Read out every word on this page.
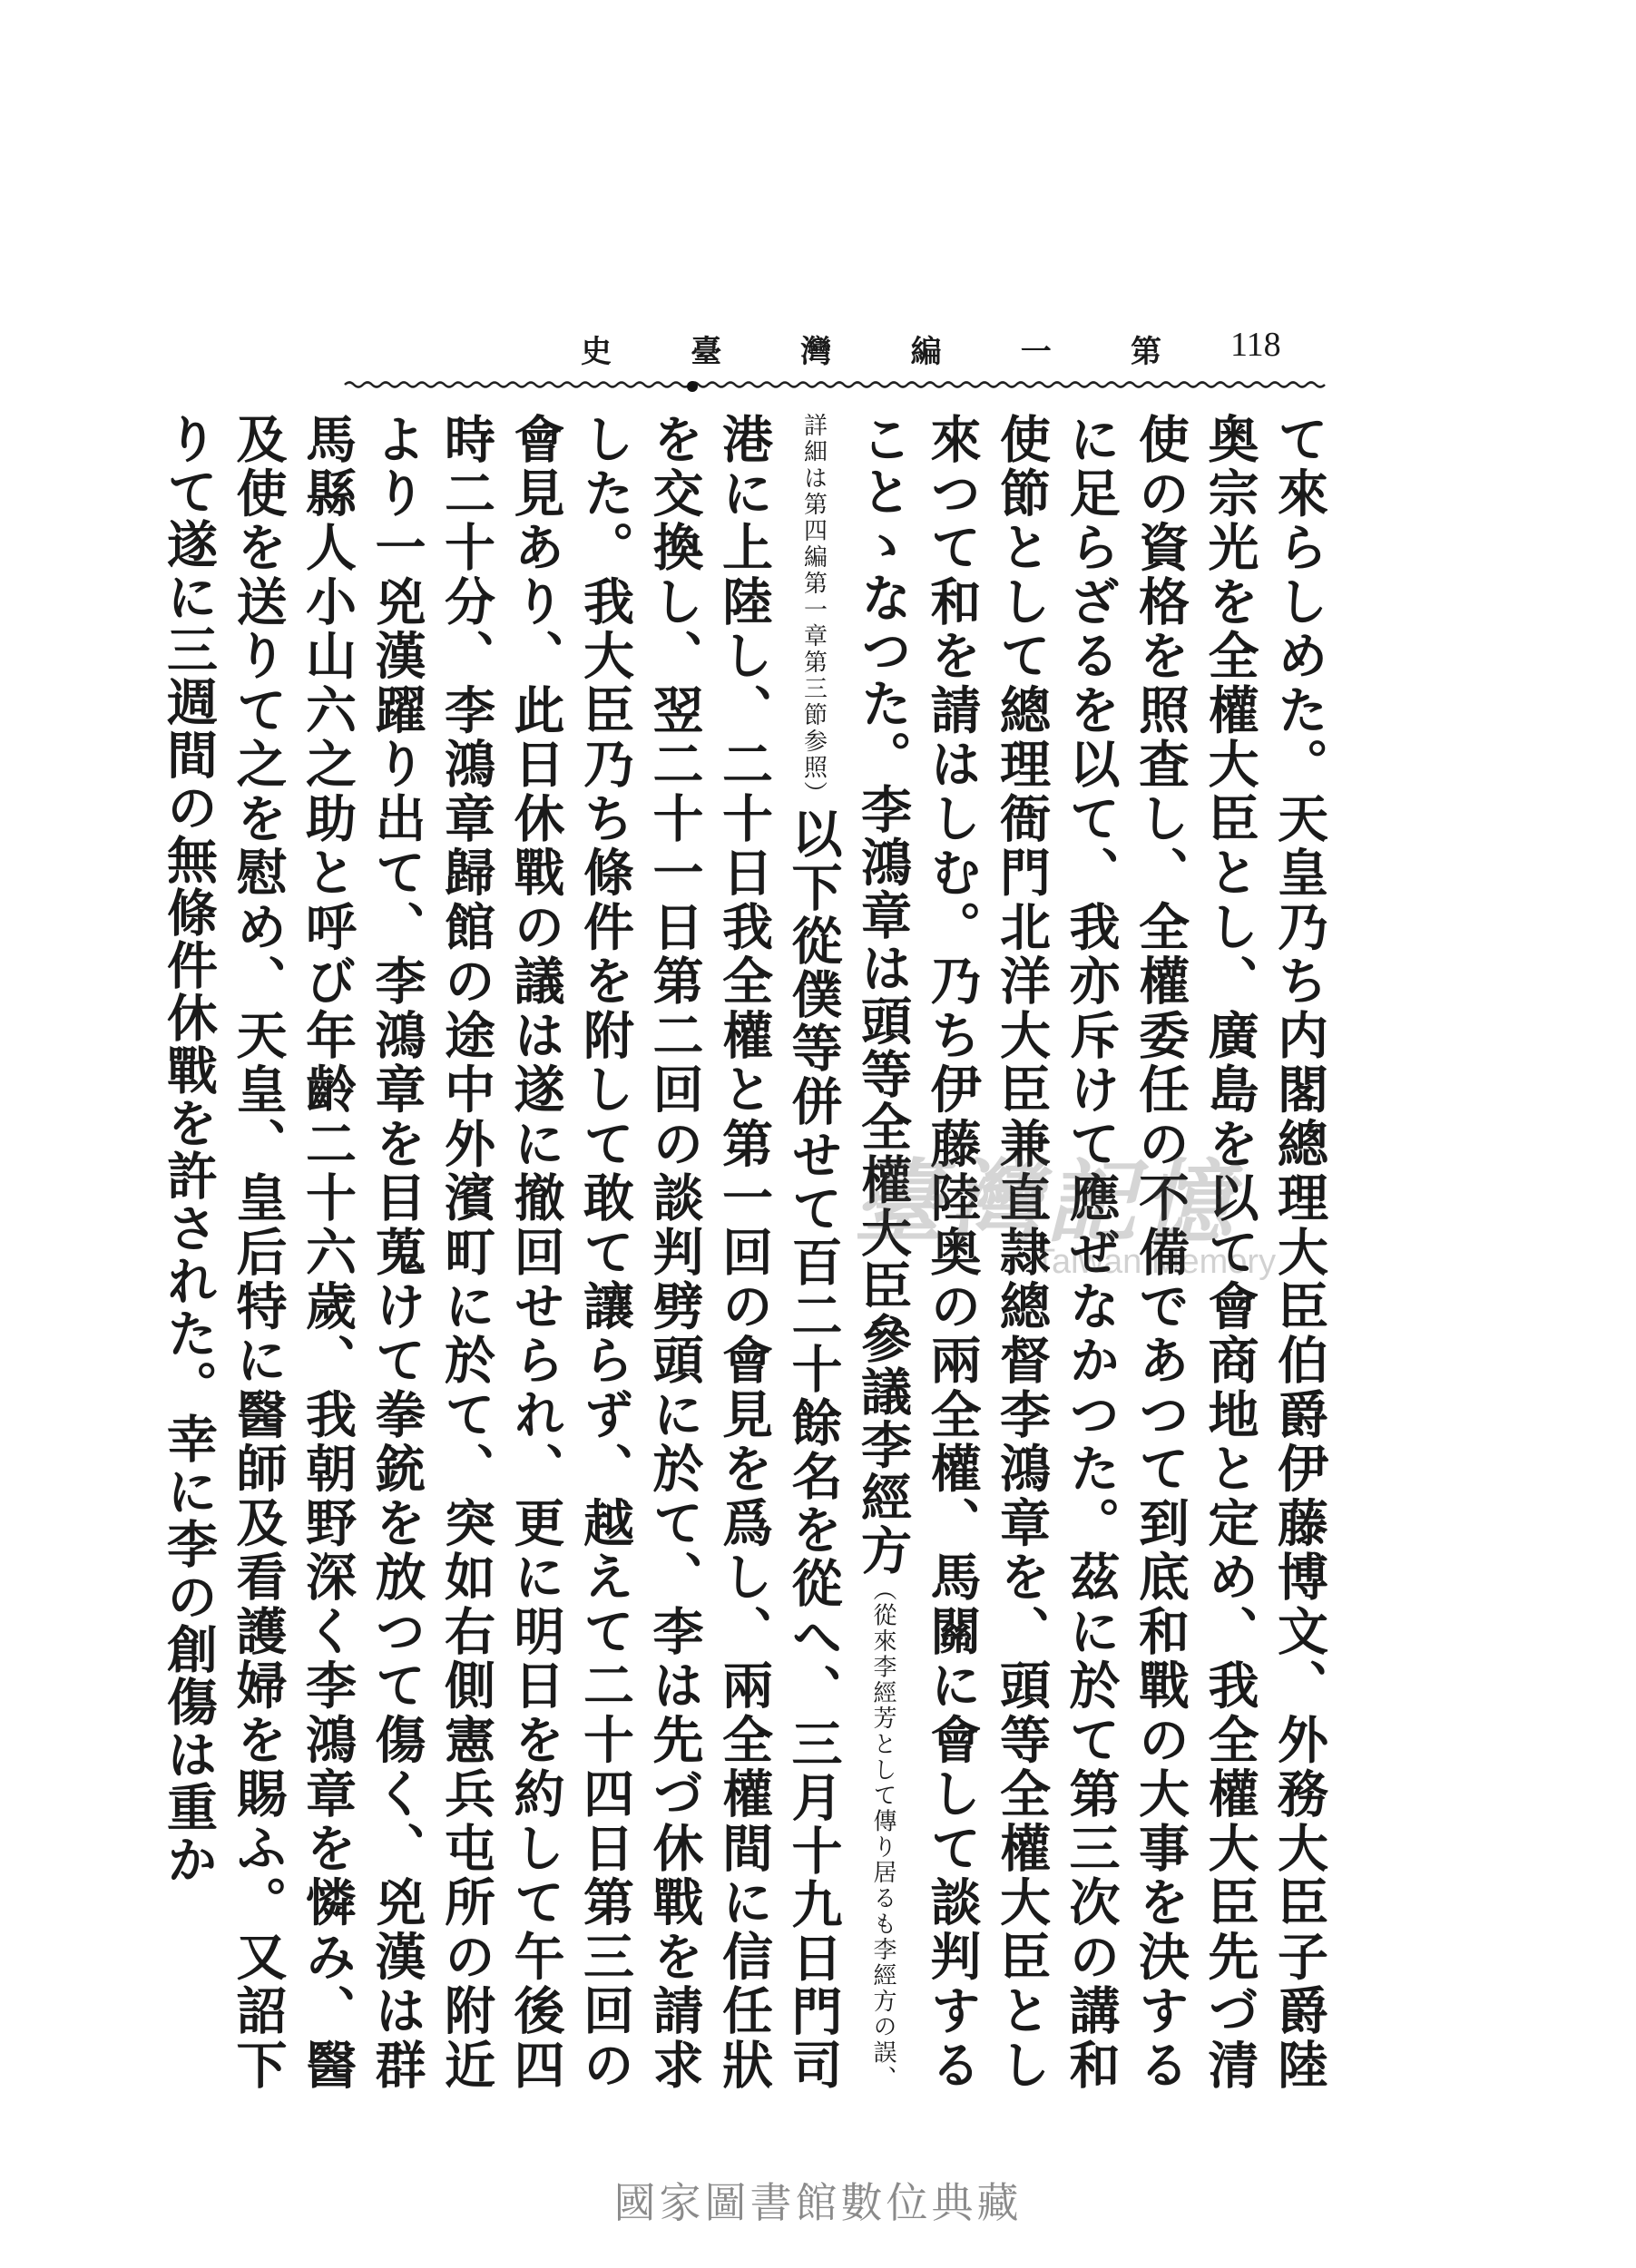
史	臺	灣	編	一	第 118
て來らしめた。天皇乃ち内閣總理大臣伯爵伊藤博文、外務大臣子爵陸奥宗光を全權大臣とし、廣島を以て會商地と定め、我全權大臣先づ清使の資格を照査し、全權委任の不備であつて到底和戰の大事を決するに足らざるを以て、我亦斥けて應ぜなかつた。茲に於て第三次の講和使節として總理衙門北洋大臣兼直隷總督李鴻章を、頭等全權大臣とし來つて和を請はしむ。乃ち伊藤陸奥の兩全權、馬關に會して談判することゝなつた。李鴻章は頭等全權大臣參議李經方（從來李經芳として傳り居るも李經方の誤、詳細は第四編第一章第三節参照）以下從僕等併せて百二十餘名を從へ、三月十九日門司港に上陸し、二十日我全權と第一回の會見を爲し、兩全權間に信任狀を交換し、翌二十一日第二回の談判劈頭に於て、李は先づ休戰を請求した。我大臣乃ち條件を附して敢て讓らず、越えて二十四日第三回の會見あり、此日休戰の議は遂に撤回せられ、更に明日を約して午後四時二十分、李鴻章歸館の途中外濱町に於て、突如右側憲兵屯所の附近より一兇漢躍り出て、李鴻章を目蒐けて拳銃を放つて傷く、兇漢は群馬縣人小山六之助と呼び年齡二十六歲、我朝野深く李鴻章を憐み、醫及使を送りて之を慰め、天皇、皇后特に醫師及看護婦を賜ふ。又詔下りて遂に三週間の無條件休戰を許された。幸に李の創傷は重か	臺灣記憶
Taiwan Memory
國家圖書館數位典藏
